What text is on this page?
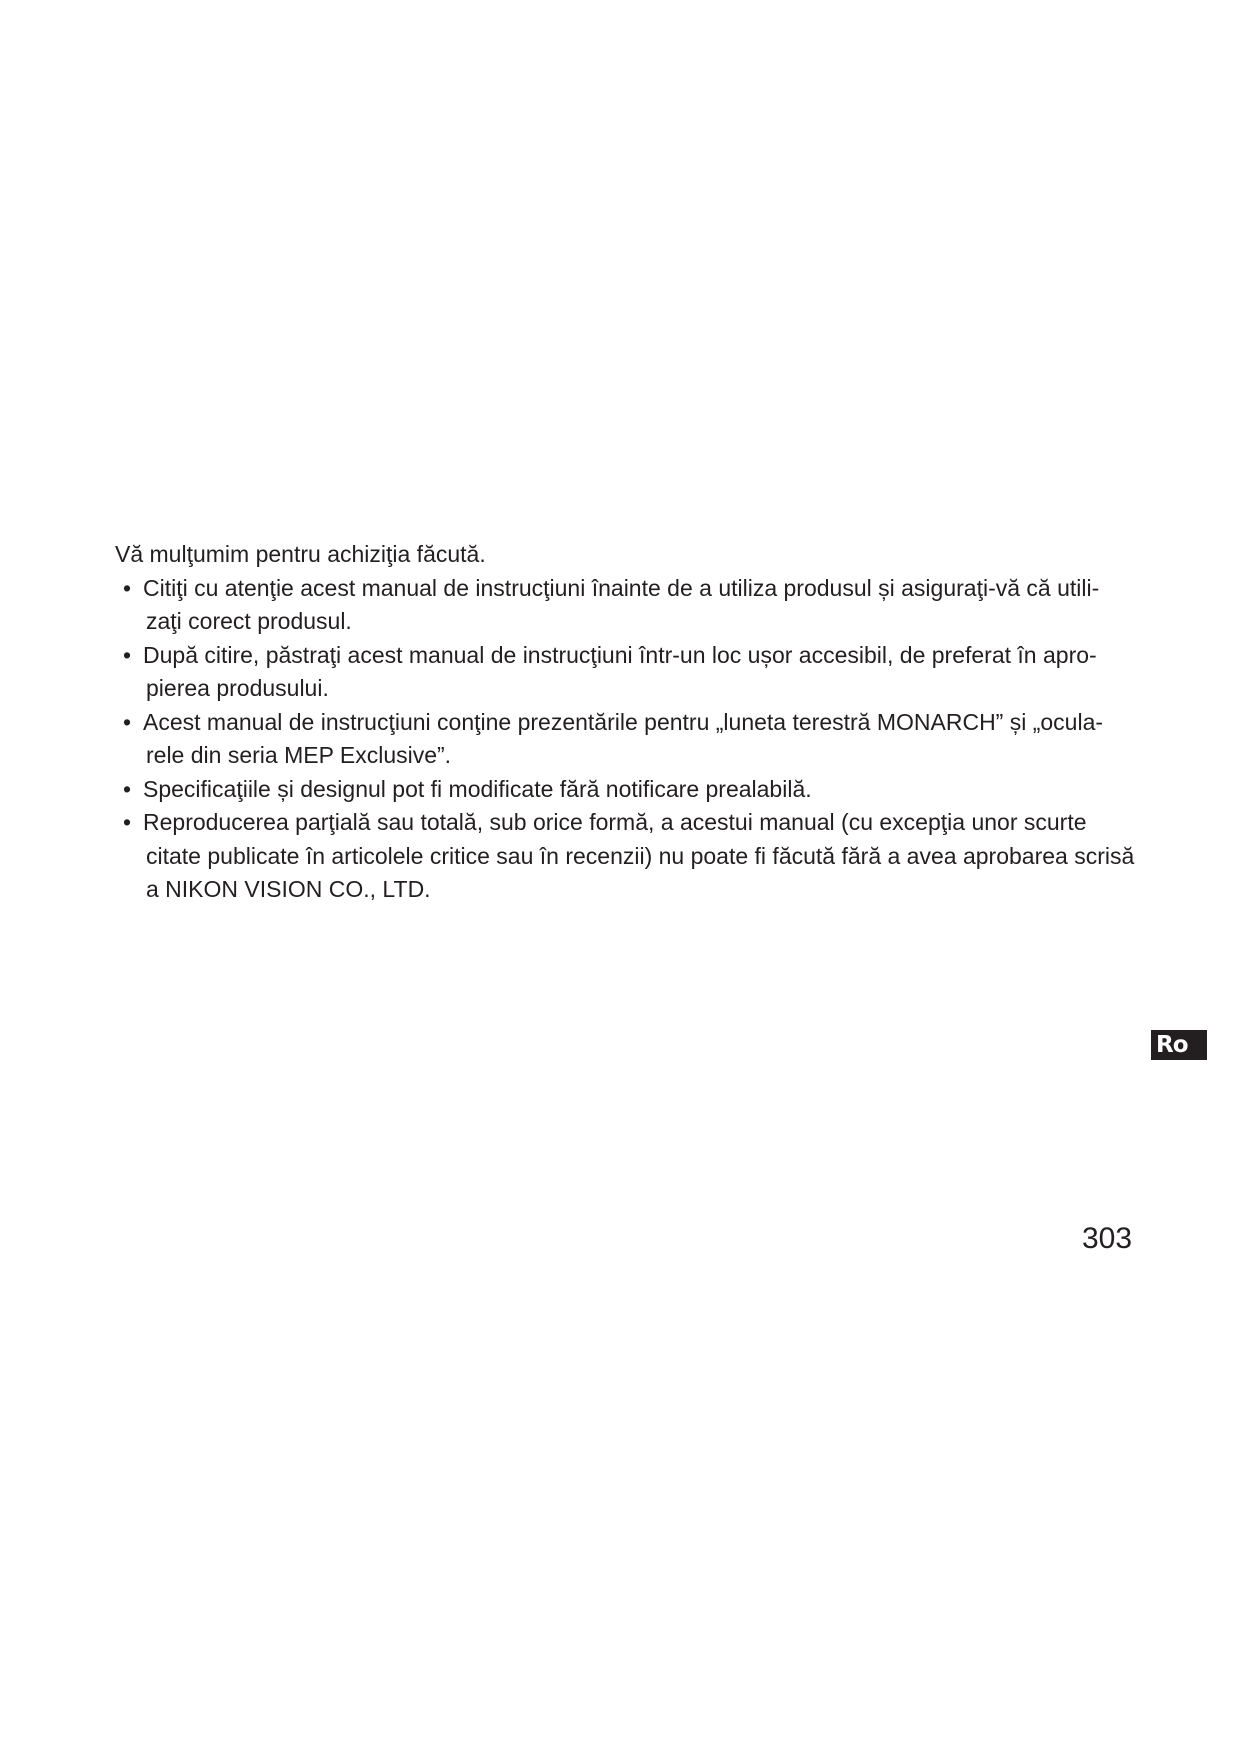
Vă mulţumim pentru achiziţia făcută.

• Citiţi cu atenţie acest manual de instrucţiuni înainte de a utiliza produsul și asiguraţi-vă că utili-
zaţi corect produsul.
• După citire, păstraţi acest manual de instrucţiuni într-un loc ușor accesibil, de preferat în apro-
pierea produsului.
• Acest manual de instrucţiuni conţine prezentările pentru „luneta terestră MONARCH” și „ocula-
rele din seria MEP Exclusive”.
• Specificaţiile și designul pot fi modificate fără notificare prealabilă.
• Reproducerea parţială sau totală, sub orice formă, a acestui manual (cu excepţia unor scurte
citate publicate în articolele critice sau în recenzii) nu poate fi făcută fără a avea aprobarea scrisă
a NIKON VISION CO., LTD.
Ro
303
